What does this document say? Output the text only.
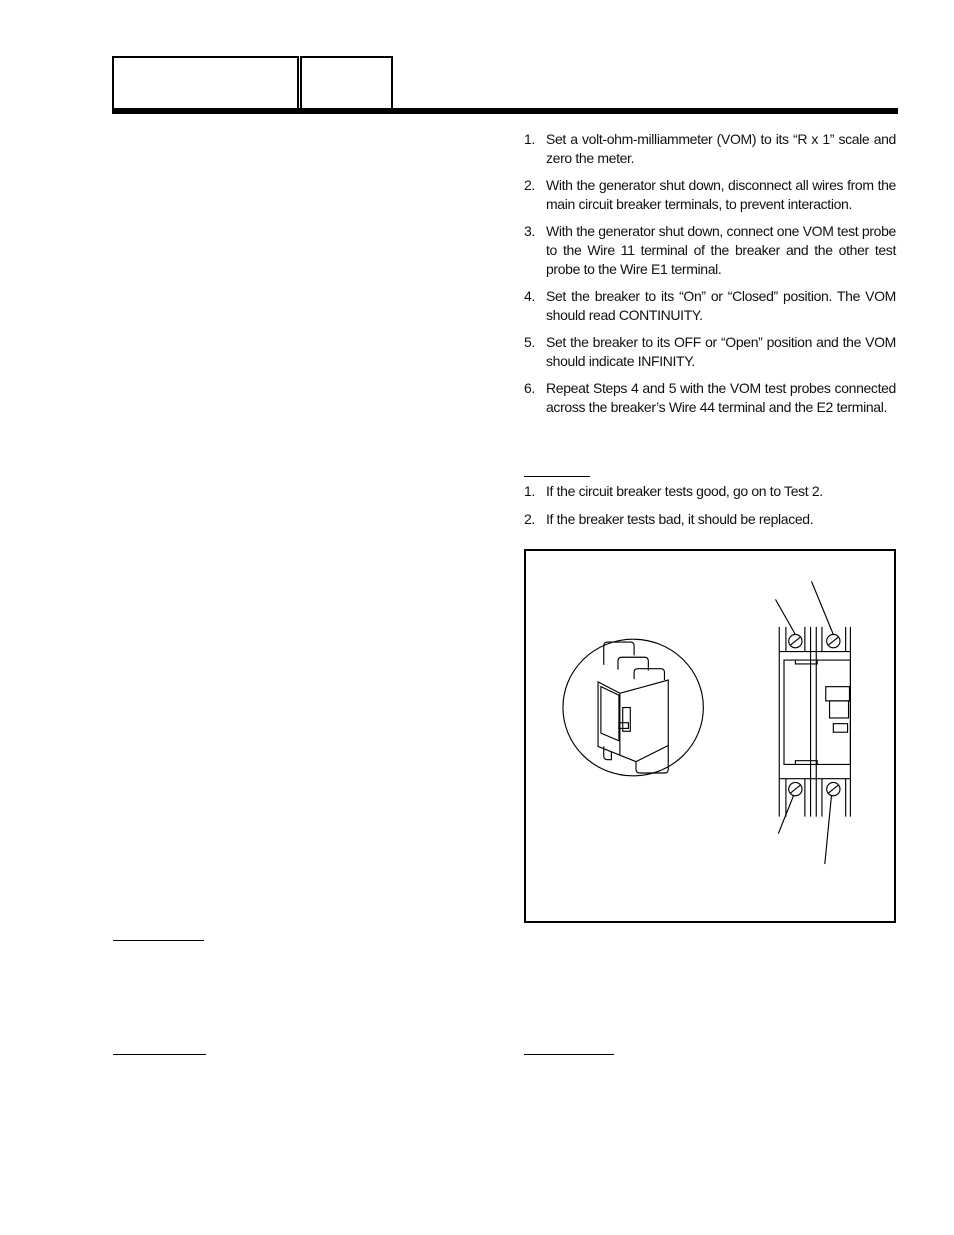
1. Set a volt-ohm-milliammeter (VOM) to its “R x 1” scale and zero the meter.
2. With the generator shut down, disconnect all wires from the main circuit breaker terminals, to prevent interaction.
3. With the generator shut down, connect one VOM test probe to the Wire 11 terminal of the breaker and the other test probe to the Wire E1 terminal.
4. Set the breaker to its “On” or “Closed” position. The VOM should read CONTINUITY.
5. Set the breaker to its OFF or “Open” position and the VOM should indicate INFINITY.
6. Repeat Steps 4 and 5 with the VOM test probes connected across the breaker’s Wire 44 terminal and the E2 terminal.
1. If the circuit breaker tests good, go on to Test 2.
2. If the breaker tests bad, it should be replaced.
